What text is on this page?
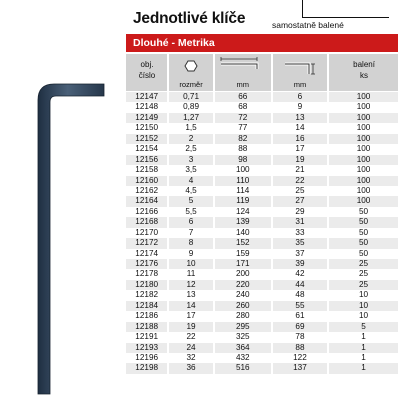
Jednotlivé klíče	samostatně balené
Dlouhé - Metrika
obj.
číslo
rozměr	mm	mm
balení
ks
12147	0,71	66	6	100
12148	0,89	68	9	100
12149	1,27	72	13	100
12150	1,5	77	14	100
12152	2	82	16	100
12154	2,5	88	17	100
12156	3	98	19	100
12158	3,5	100	21	100
12160	4	110	22	100
12162	4,5	114	25	100
12164	5	119	27	100
12166	5,5	124	29	50
12168	6	139	31	50
12170	7	140	33	50
12172	8	152	35	50
12174	9	159	37	50
12176	10	171	39	25
12178	11	200	42	25
12180	12	220	44	25
12182	13	240	48	10
12184	14	260	55	10
12186	17	280	61	10
12188	19	295	69	5
12191	22	325	78	1
12193	24	364	88	1
12196	32	432	122	1
12198	36	516	137	1
